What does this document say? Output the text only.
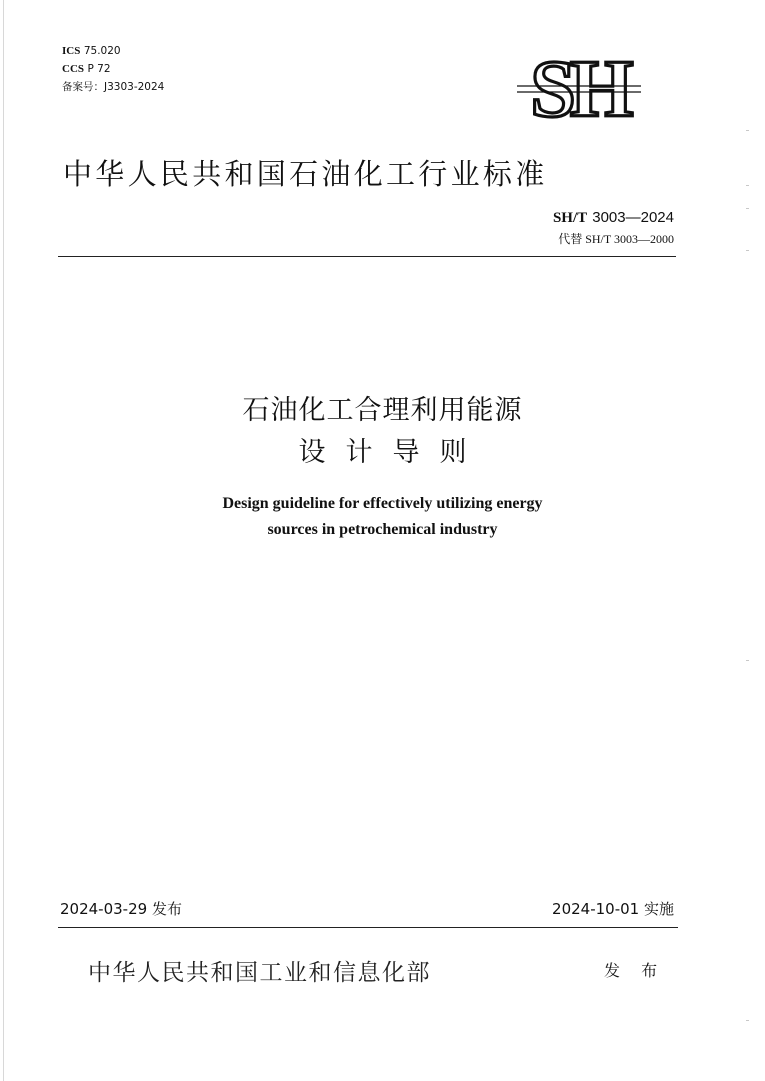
ICS 75.020
CCS P 72
备案号：J3303-2024	SH
中华人民共和国石油化工行业标准
SH/T 3003—2024
代替 SH/T 3003—2000
石油化工合理利用能源
设计导则
Design guideline for effectively utilizing energy
sources in petrochemical industry
2024-03-29 发布	2024-10-01 实施
中华人民共和国工业和信息化部	发 布
